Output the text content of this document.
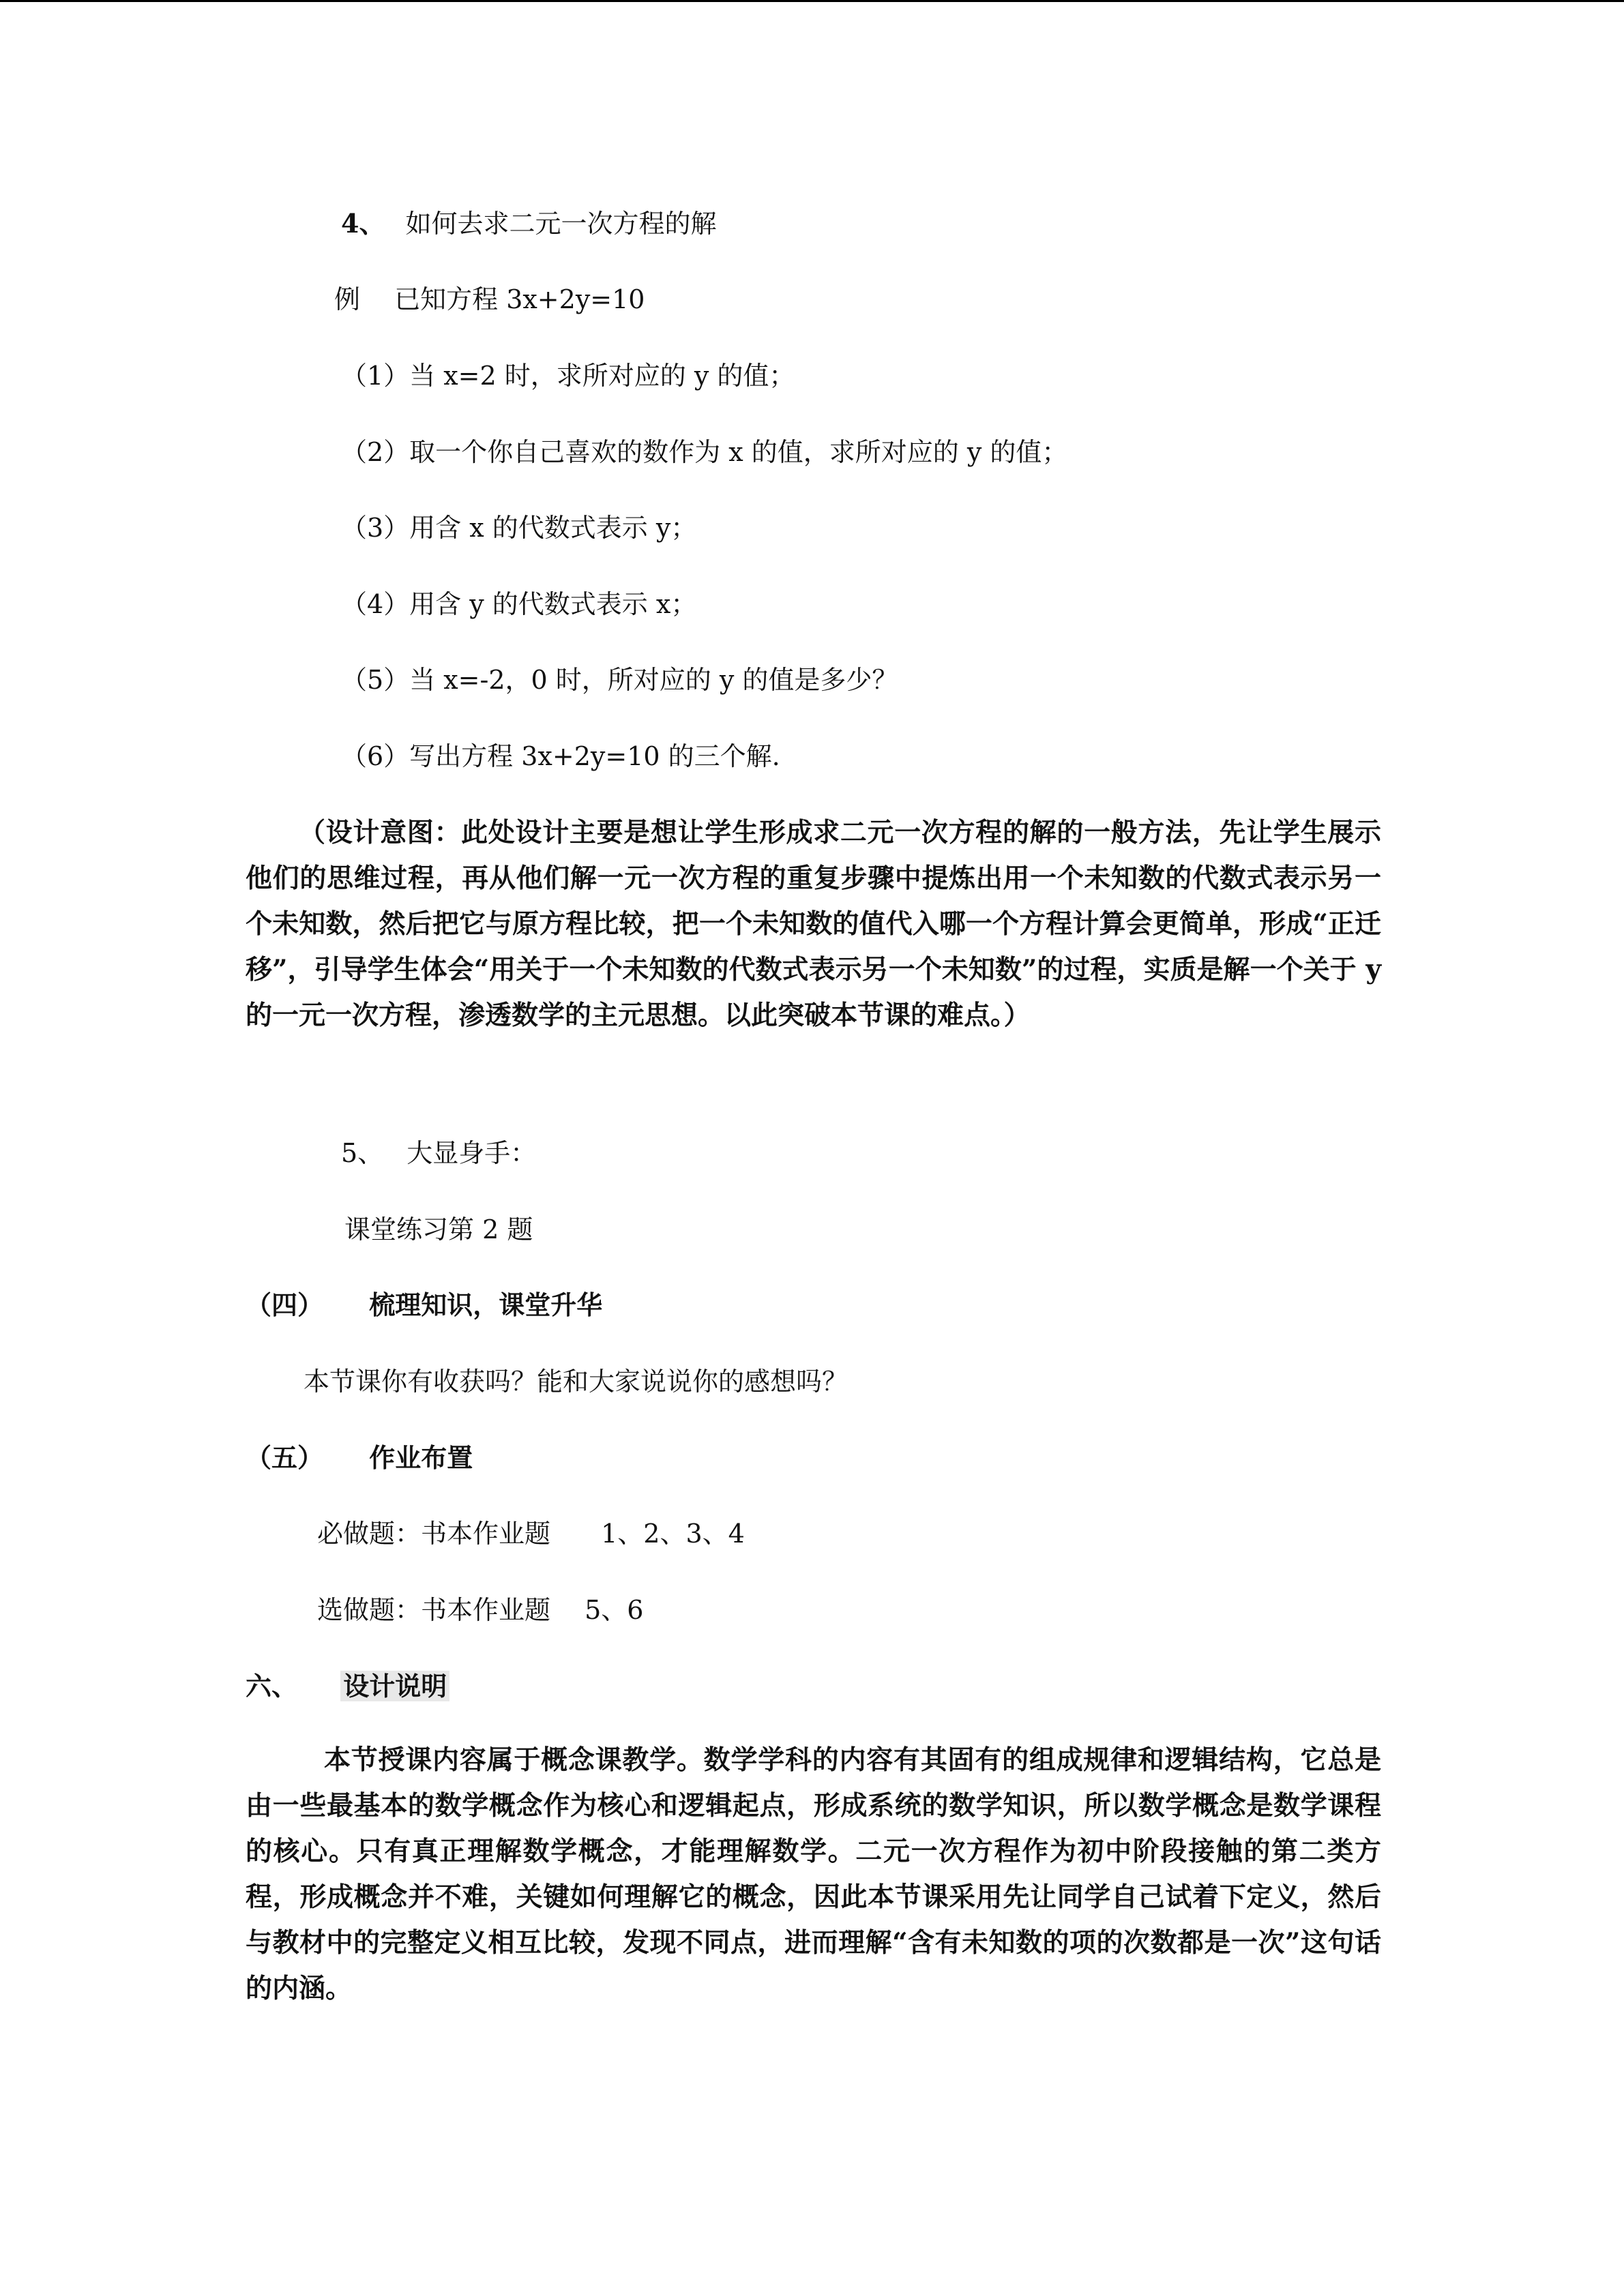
4、 如何去求二元一次方程的解
例 已知方程 3x+2y=10
（1）当 x=2 时，求所对应的 y 的值；
（2）取一个你自己喜欢的数作为 x 的值，求所对应的 y 的值；
（3）用含 x 的代数式表示 y；
（4）用含 y 的代数式表示 x；
（5）当 x=-2，0 时，所对应的 y 的值是多少？
（6）写出方程 3x+2y=10 的三个解.
（设计意图：此处设计主要是想让学生形成求二元一次方程的解的一般方法，先让学生展示他们的思维过程，再从他们解一元一次方程的重复步骤中提炼出用一个未知数的代数式表示另一个未知数，然后把它与原方程比较，把一个未知数的值代入哪一个方程计算会更简单，形成“正迁移”，引导学生体会“用关于一个未知数的代数式表示另一个未知数”的过程，实质是解一个关于 y 的一元一次方程，渗透数学的主元思想。以此突破本节课的难点。）
5、 大显身手：
课堂练习第 2 题
（四） 梳理知识，课堂升华
本节课你有收获吗？能和大家说说你的感想吗？
（五） 作业布置
必做题：书本作业题 1、2、3、4
选做题：书本作业题 5、6
六、 设计说明
本节授课内容属于概念课教学。数学学科的内容有其固有的组成规律和逻辑结构，它总是由一些最基本的数学概念作为核心和逻辑起点，形成系统的数学知识，所以数学概念是数学课程的核心。只有真正理解数学概念，才能理解数学。二元一次方程作为初中阶段接触的第二类方程，形成概念并不难，关键如何理解它的概念，因此本节课采用先让同学自己试着下定义，然后与教材中的完整定义相互比较，发现不同点，进而理解“含有未知数的项的次数都是一次”这句话的内涵。
